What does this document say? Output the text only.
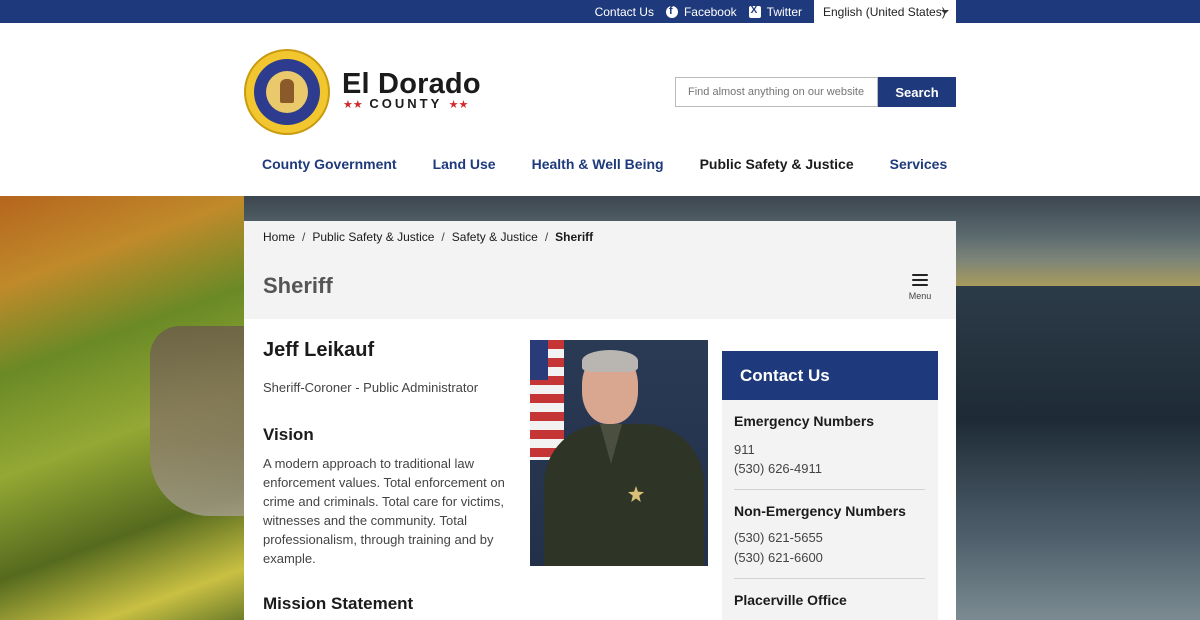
Contact Us f	Facebook X	Twitter English (United States)
El Dorado
★★ COUNTY ★★
Find almost anything on our website
Search
County Government	Land Use	Health & Well Being	Public Safety & Justice	Services
Home / Public Safety & Justice / Safety & Justice / Sheriff
Sheriff	Menu
Jeff Leikauf
Sheriff-Coroner - Public Administrator
Vision
A modern approach to traditional law enforcement values. Total enforcement on crime and criminals. Total care for victims, witnesses and the community. Total professionalism, through training and by example.
Mission Statement
Contact Us
Emergency Numbers
911
(530) 626-4911
Non-Emergency Numbers
(530) 621-5655
(530) 621-6600
Placerville Office
